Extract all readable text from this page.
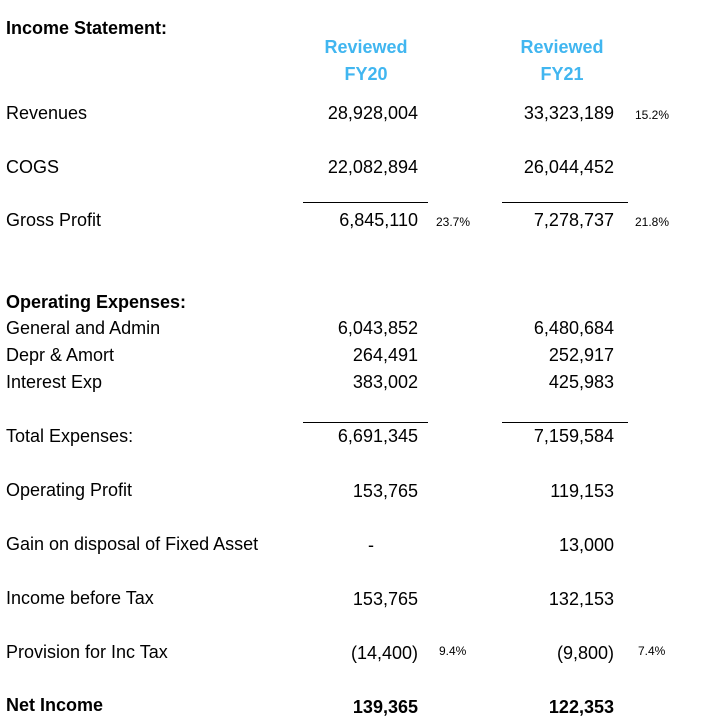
Income Statement:
Reviewed
FY20
Reviewed
FY21
Revenues	28,928,004	33,323,189 15.2%
COGS	22,082,894	26,044,452
Gross Profit	6,845,110 23.7%	7,278,737 21.8%
Operating Expenses:
General and Admin	6,043,852	6,480,684
Depr & Amort	264,491	252,917
Interest Exp	383,002	425,983
Total Expenses:	6,691,345	7,159,584
Operating Profit	153,765	119,153
Gain on disposal of Fixed Asset	-	13,000
Income before Tax	153,765	132,153
Provision for Inc Tax	(14,400) 9.4%	(9,800) 7.4%
Net Income	139,365	122,353
